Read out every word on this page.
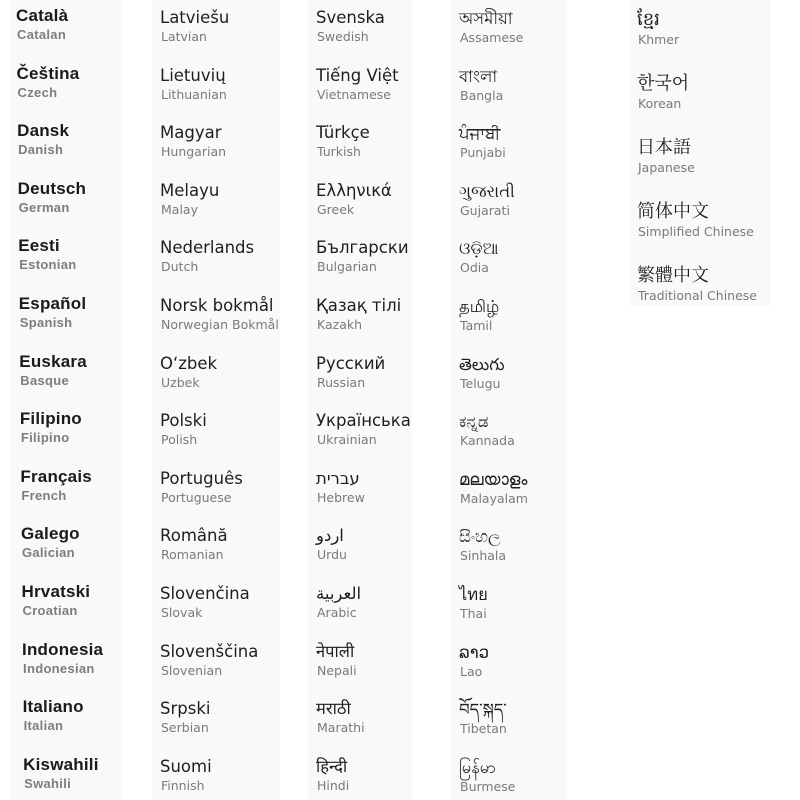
Català
Catalan
Čeština
Czech
Dansk
Danish
Deutsch
German
Eesti
Estonian
Español
Spanish
Euskara
Basque
Filipino
Filipino
Français
French
Galego
Galician
Hrvatski
Croatian
Indonesia
Indonesian
Italiano
Italian
Kiswahili
Swahili
Latviešu
Latvian
Lietuvių
Lithuanian
Magyar
Hungarian
Melayu
Malay
Nederlands
Dutch
Norsk bokmål
Norwegian Bokmål
O‘zbek
Uzbek
Polski
Polish
Português
Portuguese
Română
Romanian
Slovenčina
Slovak
Slovenščina
Slovenian
Srpski
Serbian
Suomi
Finnish
Svenska
Swedish
Tiếng Việt
Vietnamese
Türkçe
Turkish
Ελληνικά
Greek
Български
Bulgarian
Қазақ тілі
Kazakh
Русский
Russian
Українська
Ukrainian
עברית
Hebrew
اردو
Urdu
العربية
Arabic
नेपाली
Nepali
मराठी
Marathi
हिन्दी
Hindi
অসমীয়া
Assamese
বাংলা
Bangla
ਪੰਜਾਬੀ
Punjabi
ગુજરાતી
Gujarati
ଓଡ଼ିଆ
Odia
தமிழ்
Tamil
తెలుగు
Telugu
ಕನ್ನಡ
Kannada
മലയാളം
Malayalam
සිංහල
Sinhala
ไทย
Thai
ລາວ
Lao
བོད་སྐད་
Tibetan
မြန်မာ
Burmese
ខ្មែរ
Khmer
한국어
Korean
日本語
Japanese
简体中文
Simplified Chinese
繁體中文
Traditional Chinese
